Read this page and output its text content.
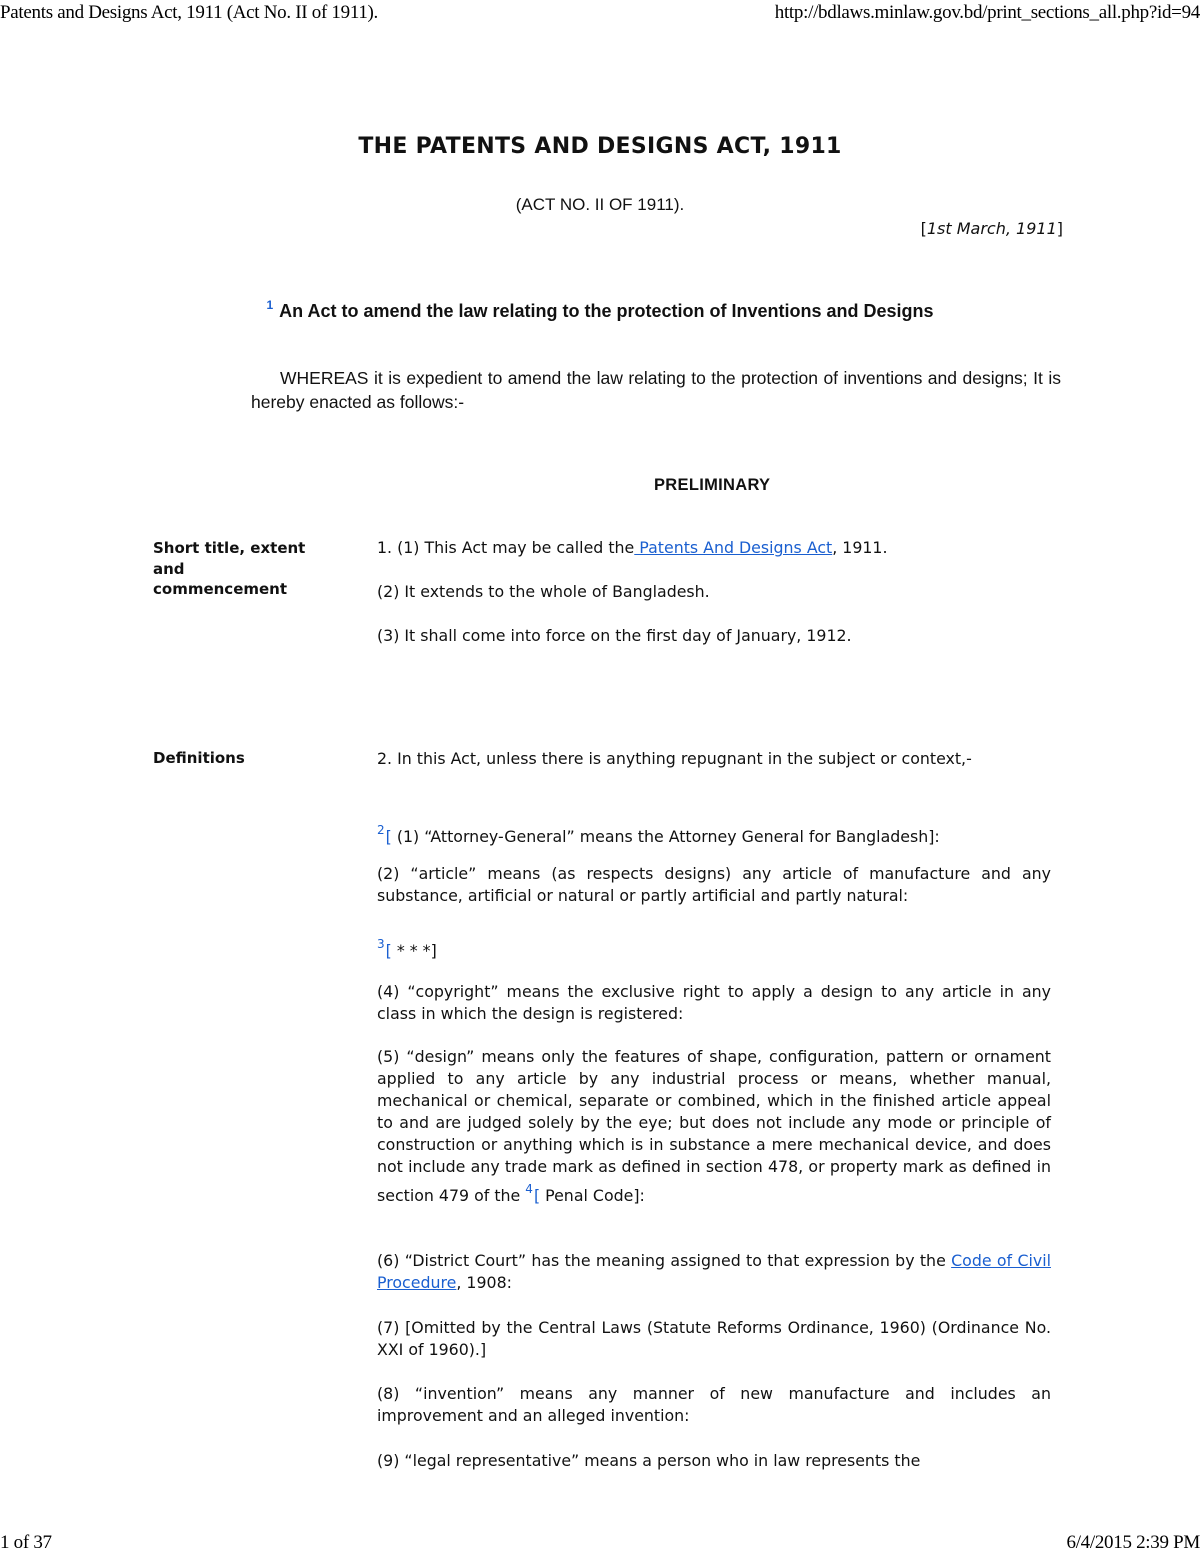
Patents and Designs Act, 1911 (Act No. II of 1911).	http://bdlaws.minlaw.gov.bd/print_sections_all.php?id=94
THE PATENTS AND DESIGNS ACT, 1911
(ACT NO. II OF 1911).
[1st March, 1911]
$^1$ An Act to amend the law relating to the protection of Inventions and Designs

WHEREAS it is expedient to amend the law relating to the protection of inventions and designs; It is hereby enacted as follows:-

PRELIMINARY
Short title, extent and commencement

1. (1) This Act may be called the Patents And Designs Act, 1911.

(2) It extends to the whole of Bangladesh.

(3) It shall come into force on the first day of January, 1912.

Definitions	2. In this Act, unless there is anything repugnant in the subject or context,-

$^2$[ (1) “Attorney-General” means the Attorney General for Bangladesh]:

(2) “article” means (as respects designs) any article of manufacture and any substance, artificial or natural or partly artificial and partly natural:

$^3$[ * * *]

(4) “copyright” means the exclusive right to apply a design to any article in any class in which the design is registered:

(5) “design” means only the features of shape, configuration, pattern or ornament applied to any article by any industrial process or means, whether manual, mechanical or chemical, separate or combined, which in the finished article appeal to and are judged solely by the eye; but does not include any mode or principle of construction or anything which is in substance a mere mechanical device, and does not include any trade mark as defined in section 478, or property mark as defined in section 479 of the $^4$[ Penal Code]:

(6) “District Court” has the meaning assigned to that expression by the Code of Civil Procedure, 1908:

(7) [Omitted by the Central Laws (Statute Reforms Ordinance, 1960) (Ordinance No. XXI of 1960).]

(8) “invention” means any manner of new manufacture and includes an improvement and an alleged invention:

(9) “legal representative” means a person who in law represents the

1 of 37	6/4/2015 2:39 PM
